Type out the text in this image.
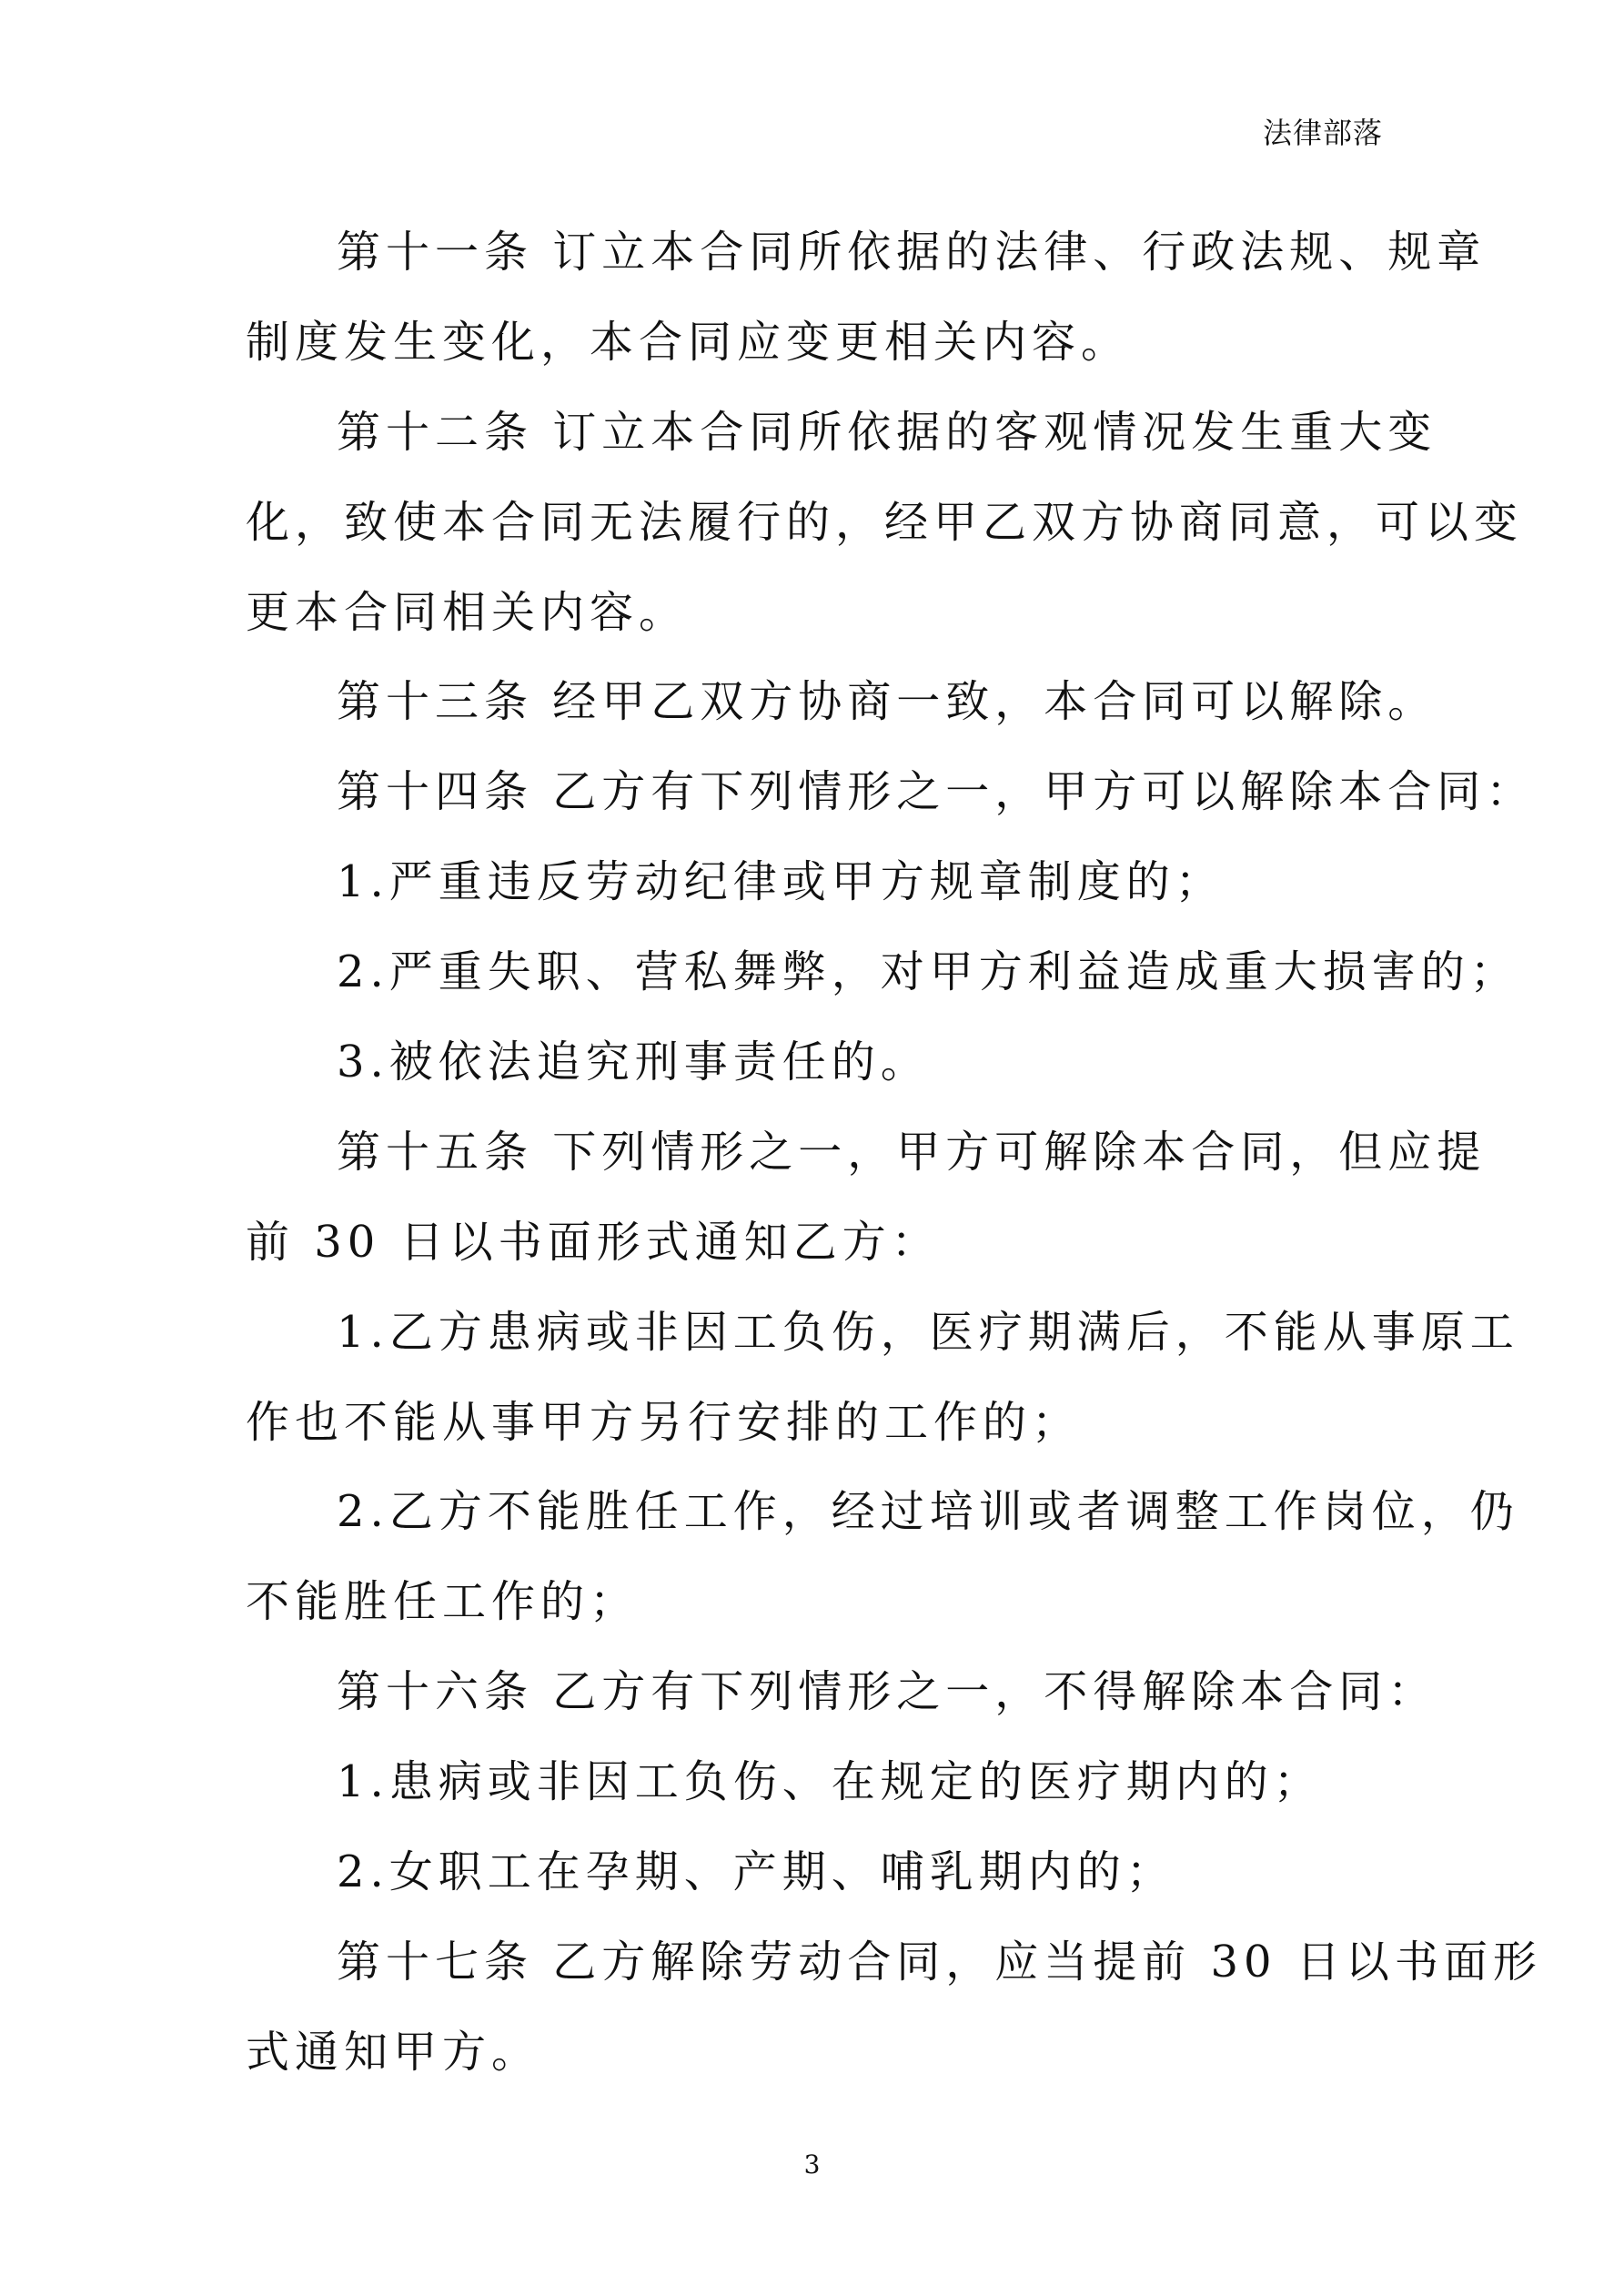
法律部落
第十一条 订立本合同所依据的法律、行政法规、规章
制度发生变化，本合同应变更相关内容。
第十二条 订立本合同所依据的客观情况发生重大变
化，致使本合同无法履行的，经甲乙双方协商同意，可以变
更本合同相关内容。
第十三条 经甲乙双方协商一致，本合同可以解除。
第十四条 乙方有下列情形之一，甲方可以解除本合同：
1.严重违反劳动纪律或甲方规章制度的；
2.严重失职、营私舞弊，对甲方利益造成重大损害的；
3.被依法追究刑事责任的。
第十五条 下列情形之一，甲方可解除本合同，但应提
前 30 日以书面形式通知乙方：
1.乙方患病或非因工负伤，医疗期满后，不能从事原工
作也不能从事甲方另行安排的工作的；
2.乙方不能胜任工作，经过培训或者调整工作岗位，仍
不能胜任工作的；
第十六条 乙方有下列情形之一，不得解除本合同：
1.患病或非因工负伤、在规定的医疗期内的；
2.女职工在孕期、产期、哺乳期内的；
第十七条 乙方解除劳动合同，应当提前 30 日以书面形
式通知甲方。
3
